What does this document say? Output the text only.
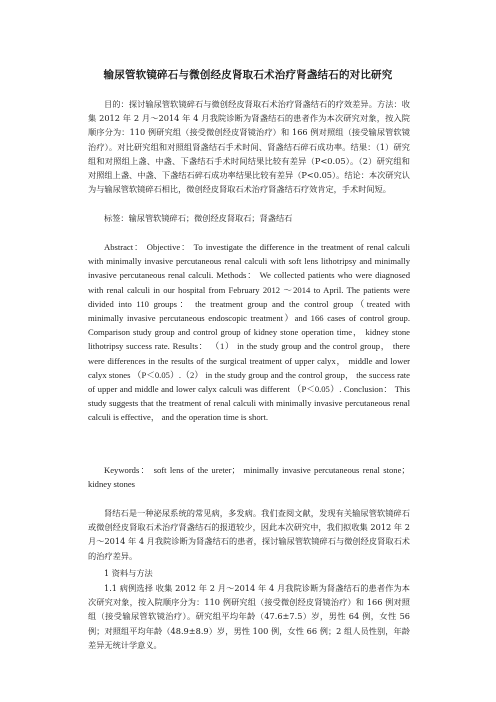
输尿管软镜碎石与微创经皮肾取石术治疗肾盏结石的对比研究

目的：探讨输尿管软镜碎石与微创经皮肾取石术治疗肾盏结石的疗效差异。方法：收集 2012 年 2 月～2014 年 4 月我院诊断为肾盏结石的患者作为本次研究对象，按入院顺序分为：110 例研究组（接受微创经皮肾镜治疗）和 166 例对照组（接受输尿管软镜治疗）。对比研究组和对照组肾盏结石手术时间、肾盏结石碎石成功率。结果：（1）研究组和对照组上盏、中盏、下盏结石手术时间结果比较有差异（P<0.05）。（2）研究组和对照组上盏、中盏、下盏结石碎石成功率结果比较有差异（P<0.05）。结论：本次研究认为与输尿管软镜碎石相比，微创经皮肾取石术治疗肾盏结石疗效肯定，手术时间短。

标签：输尿管软镜碎石；微创经皮肾取石；肾盏结石

Abstract： Objective： To investigate the difference in the treatment of renal calculi with minimally invasive percutaneous renal calculi with soft lens lithotripsy and minimally invasive percutaneous renal calculi. Methods： We collected patients who were diagnosed with renal calculi in our hospital from February 2012 ～2014 to April. The patients were divided into 110 groups： the treatment group and the control group（treated with minimally invasive percutaneous endoscopic treatment）and 166 cases of control group. Comparison study group and control group of kidney stone operation time， kidney stone lithotripsy success rate. Results： （1） in the study group and the control group， there were differences in the results of the surgical treatment of upper calyx， middle and lower calyx stones （P＜0.05）.（2） in the study group and the control group， the success rate of upper and middle and lower calyx calculi was different （P＜0.05）. Conclusion： This study suggests that the treatment of renal calculi with minimally invasive percutaneous renal calculi is effective， and the operation time is short.

Keywords： soft lens of the ureter； minimally invasive percutaneous renal stone； kidney stones

肾结石是一种泌尿系统的常见病，多发病。我们查阅文献，发现有关输尿管软镜碎石或微创经皮肾取石术治疗肾盏结石的报道较少，因此本次研究中，我们拟收集 2012 年 2 月～2014 年 4 月我院诊断为肾盏结石的患者，探讨输尿管软镜碎石与微创经皮肾取石术的治疗差异。

1 资料与方法

1.1 病例选择 收集 2012 年 2 月～2014 年 4 月我院诊断为肾盏结石的患者作为本次研究对象，按入院顺序分为：110 例研究组（接受微创经皮肾镜治疗）和 166 例对照组（接受输尿管软镜治疗）。研究组平均年龄（47.6±7.5）岁，男性 64 例，女性 56 例；对照组平均年龄（48.9±8.9）岁，男性 100 例，女性 66 例；2 组人员性别，年龄差异无统计学意义。
